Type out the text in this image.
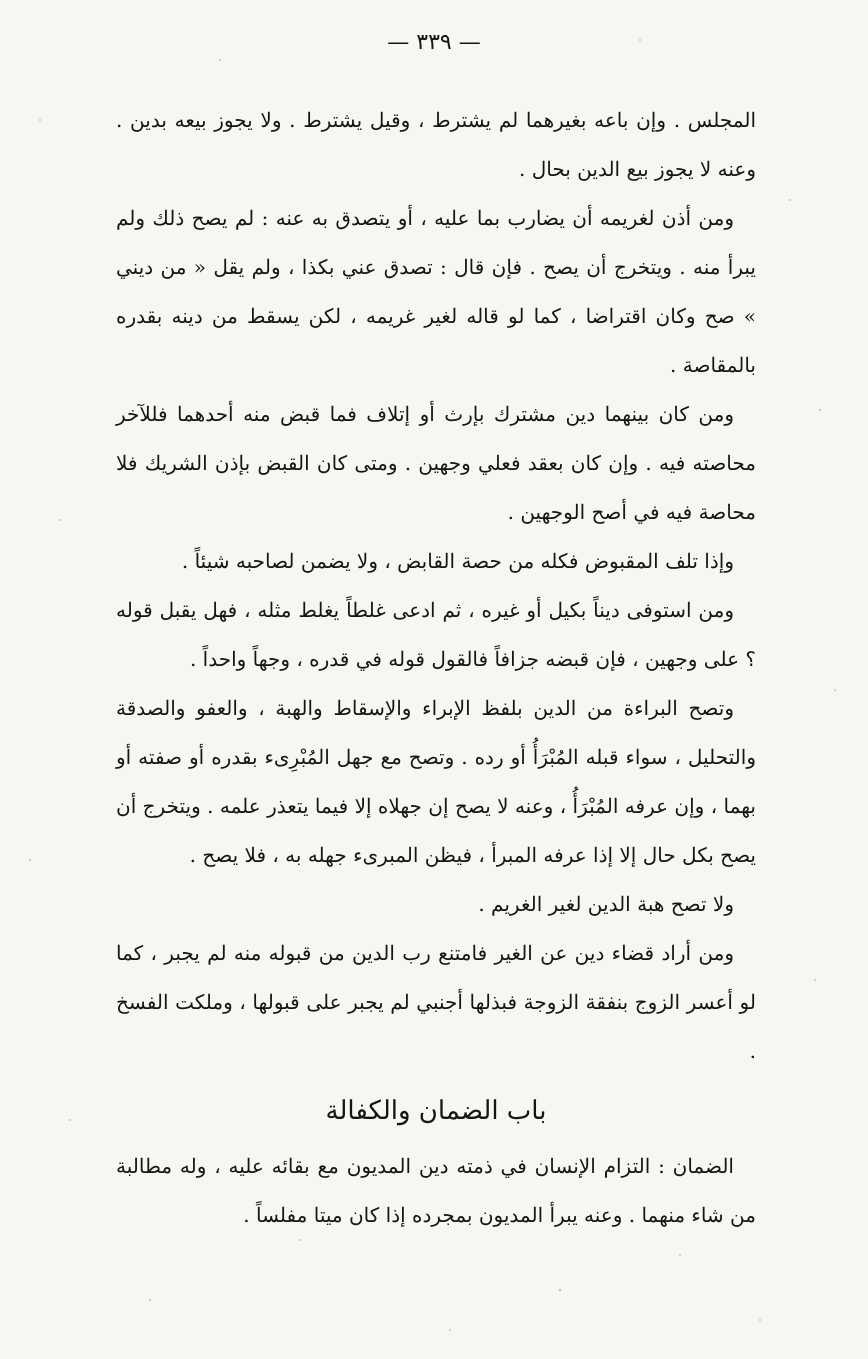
— ٣٣٩ —

المجلس . وإن باعه بغيرهما لم يشترط ، وقيل يشترط . ولا يجوز بيعه بدين . وعنه لا يجوز بيع الدين بحال .

ومن أذن لغريمه أن يضارب بما عليه ، أو يتصدق به عنه : لم يصح ذلك ولم يبرأ منه . ويتخرج أن يصح . فإن قال : تصدق عني بكذا ، ولم يقل « من ديني » صح وكان اقتراضا ، كما لو قاله لغير غريمه ، لكن يسقط من دينه بقدره بالمقاصة .

ومن كان بينهما دين مشترك بإرث أو إتلاف فما قبض منه أحدهما فللآخر محاصته فيه . وإن كان بعقد فعلي وجهين . ومتى كان القبض بإذن الشريك فلا محاصة فيه في أصح الوجهين .

وإذا تلف المقبوض فكله من حصة القابض ، ولا يضمن لصاحبه شيئاً .

ومن استوفى ديناً بكيل أو غيره ، ثم ادعى غلطاً يغلط مثله ، فهل يقبل قوله ؟ على وجهين ، فإن قبضه جزافاً فالقول قوله في قدره ، وجهاً واحداً .

وتصح البراءة من الدين بلفظ الإبراء والإسقاط والهبة ، والعفو والصدقة والتحليل ، سواء قبله المُبْرَأُ أو رده . وتصح مع جهل المُبْرِىء بقدره أو صفته أو بهما ، وإن عرفه المُبْرَأُ ، وعنه لا يصح إن جهلاه إلا فيما يتعذر علمه . ويتخرج أن يصح بكل حال إلا إذا عرفه المبرأ ، فيظن المبرىء جهله به ، فلا يصح .

ولا تصح هبة الدين لغير الغريم .

ومن أراد قضاء دين عن الغير فامتنع رب الدين من قبوله منه لم يجبر ، كما لو أعسر الزوج بنفقة الزوجة فبذلها أجنبي لم يجبر على قبولها ، وملكت الفسخ .

باب الضمان والكفالة

الضمان : التزام الإنسان في ذمته دين المديون مع بقائه عليه ، وله مطالبة من شاء منهما . وعنه يبرأ المديون بمجرده إذا كان ميتا مفلساً .
